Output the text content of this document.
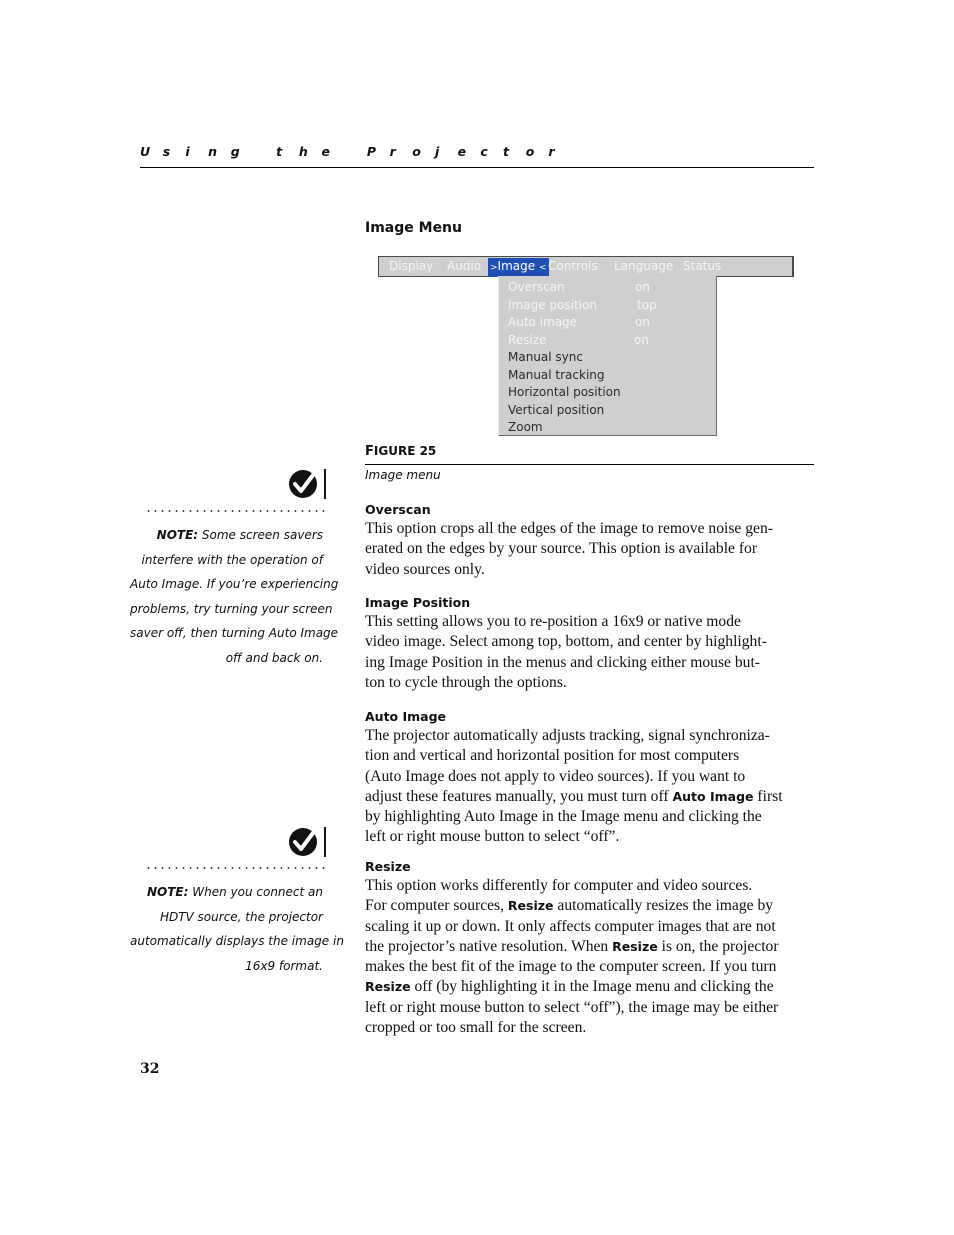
U s i n g	t h e	P r o j e c t o r
Image Menu
Display Audio >Image < Controls Language Status
Overscan	on
Image position	top
Auto image	on
Resize	on
Manual sync
Manual tracking
Horizontal position
Vertical position
Zoom
FIGURE 25
Image menu
Overscan
This option crops all the edges of the image to remove noise gen-
erated on the edges by your source. This option is available for
video sources only.
Image Position
This setting allows you to re-position a 16x9 or native mode
video image. Select among top, bottom, and center by highlight-
ing Image Position in the menus and clicking either mouse but-
ton to cycle through the options.
Auto Image
The projector automatically adjusts tracking, signal synchroniza-
tion and vertical and horizontal position for most computers
(Auto Image does not apply to video sources). If you want to
adjust these features manually, you must turn off Auto Image first
by highlighting Auto Image in the Image menu and clicking the
left or right mouse button to select “off”.
Resize
This option works differently for computer and video sources.
For computer sources, Resize automatically resizes the image by
scaling it up or down. It only affects computer images that are not
the projector’s native resolution. When Resize is on, the projector
makes the best fit of the image to the computer screen. If you turn
Resize off (by highlighting it in the Image menu and clicking the
left or right mouse button to select “off”), the image may be either
cropped or too small for the screen.
NOTE: Some screen savers
interfere with the operation of
Auto Image. If you’re experiencing
problems, try turning your screen
saver off, then turning Auto Image
off and back on.
NOTE: When you connect an
HDTV source, the projector
automatically displays the image in
16x9 format.
32
